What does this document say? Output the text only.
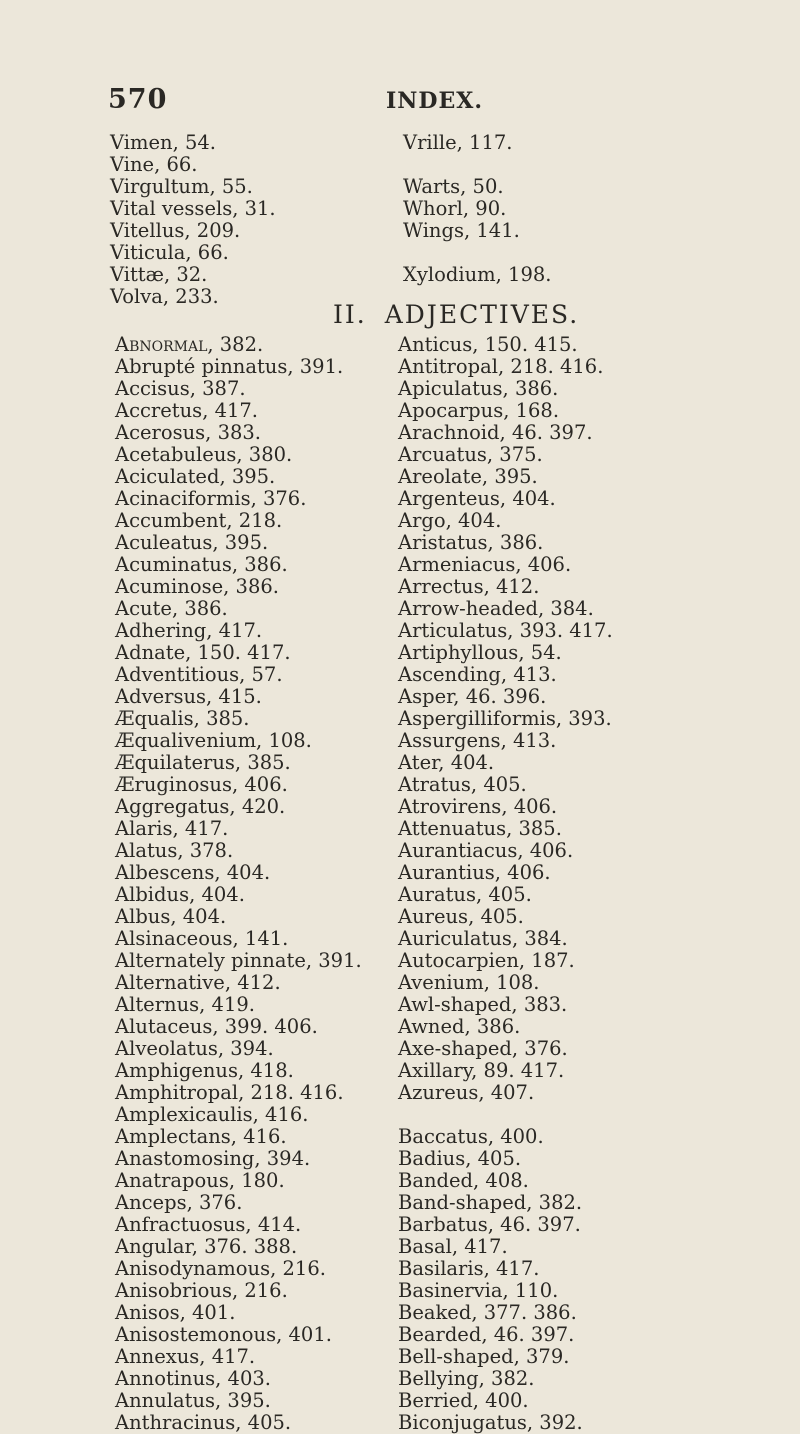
570	INDEX.
Vimen, 54.
Vine, 66.
Virgultum, 55.
Vital vessels, 31.
Vitellus, 209.
Viticula, 66.
Vittæ, 32.
Volva, 233.
Vrille, 117.
Warts, 50.
Whorl, 90.
Wings, 141.
Xylodium, 198.
II. ADJECTIVES.
Abnormal, 382.
Abrupté pinnatus, 391.
Accisus, 387.
Accretus, 417.
Acerosus, 383.
Acetabuleus, 380.
Aciculated, 395.
Acinaciformis, 376.
Accumbent, 218.
Aculeatus, 395.
Acuminatus, 386.
Acuminose, 386.
Acute, 386.
Adhering, 417.
Adnate, 150. 417.
Adventitious, 57.
Adversus, 415.
Æqualis, 385.
Æqualivenium, 108.
Æquilaterus, 385.
Æruginosus, 406.
Aggregatus, 420.
Alaris, 417.
Alatus, 378.
Albescens, 404.
Albidus, 404.
Albus, 404.
Alsinaceous, 141.
Alternately pinnate, 391.
Alternative, 412.
Alternus, 419.
Alutaceus, 399. 406.
Alveolatus, 394.
Amphigenus, 418.
Amphitropal, 218. 416.
Amplexicaulis, 416.
Amplectans, 416.
Anastomosing, 394.
Anatrapous, 180.
Anceps, 376.
Anfractuosus, 414.
Angular, 376. 388.
Anisodynamous, 216.
Anisobrious, 216.
Anisos, 401.
Anisostemonous, 401.
Annexus, 417.
Annotinus, 403.
Annulatus, 395.
Anthracinus, 405.
Anticus, 150. 415.
Antitropal, 218. 416.
Apiculatus, 386.
Apocarpus, 168.
Arachnoid, 46. 397.
Arcuatus, 375.
Areolate, 395.
Argenteus, 404.
Argo, 404.
Aristatus, 386.
Armeniacus, 406.
Arrectus, 412.
Arrow-headed, 384.
Articulatus, 393. 417.
Artiphyllous, 54.
Ascending, 413.
Asper, 46. 396.
Aspergilliformis, 393.
Assurgens, 413.
Ater, 404.
Atratus, 405.
Atrovirens, 406.
Attenuatus, 385.
Aurantiacus, 406.
Aurantius, 406.
Auratus, 405.
Aureus, 405.
Auriculatus, 384.
Autocarpien, 187.
Avenium, 108.
Awl-shaped, 383.
Awned, 386.
Axe-shaped, 376.
Axillary, 89. 417.
Azureus, 407.
Baccatus, 400.
Badius, 405.
Banded, 408.
Band-shaped, 382.
Barbatus, 46. 397.
Basal, 417.
Basilaris, 417.
Basinervia, 110.
Beaked, 377. 386.
Bearded, 46. 397.
Bell-shaped, 379.
Bellying, 382.
Berried, 400.
Biconjugatus, 392.
